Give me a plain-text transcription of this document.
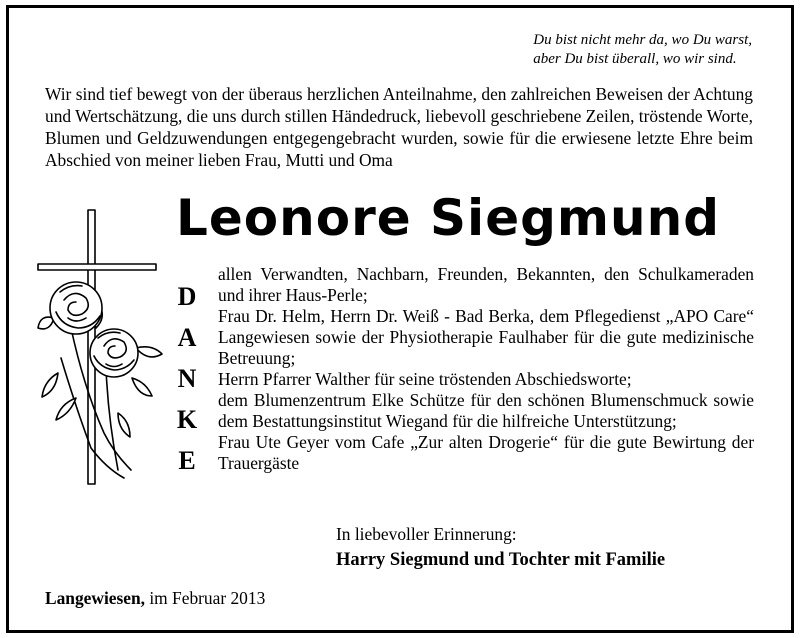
Du bist nicht mehr da, wo Du warst,
aber Du bist überall, wo wir sind.

Wir sind tief bewegt von der überaus herzlichen Anteilnahme, den zahlreichen Beweisen der Achtung und Wertschätzung, die uns durch stillen Händedruck, liebevoll geschriebene Zeilen, tröstende Worte, Blumen und Geldzuwendungen entgegengebracht wurden, sowie für die erwiesene letzte Ehre beim Abschied von meiner lieben Frau, Mutti und Oma

Leonore Siegmund
D
A
N
K
E
allen Verwandten, Nachbarn, Freunden, Bekannten, den Schulkameraden und ihrer Haus-Perle;
Frau Dr. Helm, Herrn Dr. Weiß - Bad Berka, dem Pflegedienst „APO Care“ Langewiesen sowie der Physiotherapie Faulhaber für die gute medizinische Betreuung;
Herrn Pfarrer Walther für seine tröstenden Abschiedsworte;
dem Blumenzentrum Elke Schütze für den schönen Blumenschmuck sowie dem Bestattungsinstitut Wiegand für die hilfreiche Unterstützung;
Frau Ute Geyer vom Cafe „Zur alten Drogerie“ für die gute Bewirtung der Trauergäste
In liebevoller Erinnerung:
Harry Siegmund und Tochter mit Familie
Langewiesen, im Februar 2013
